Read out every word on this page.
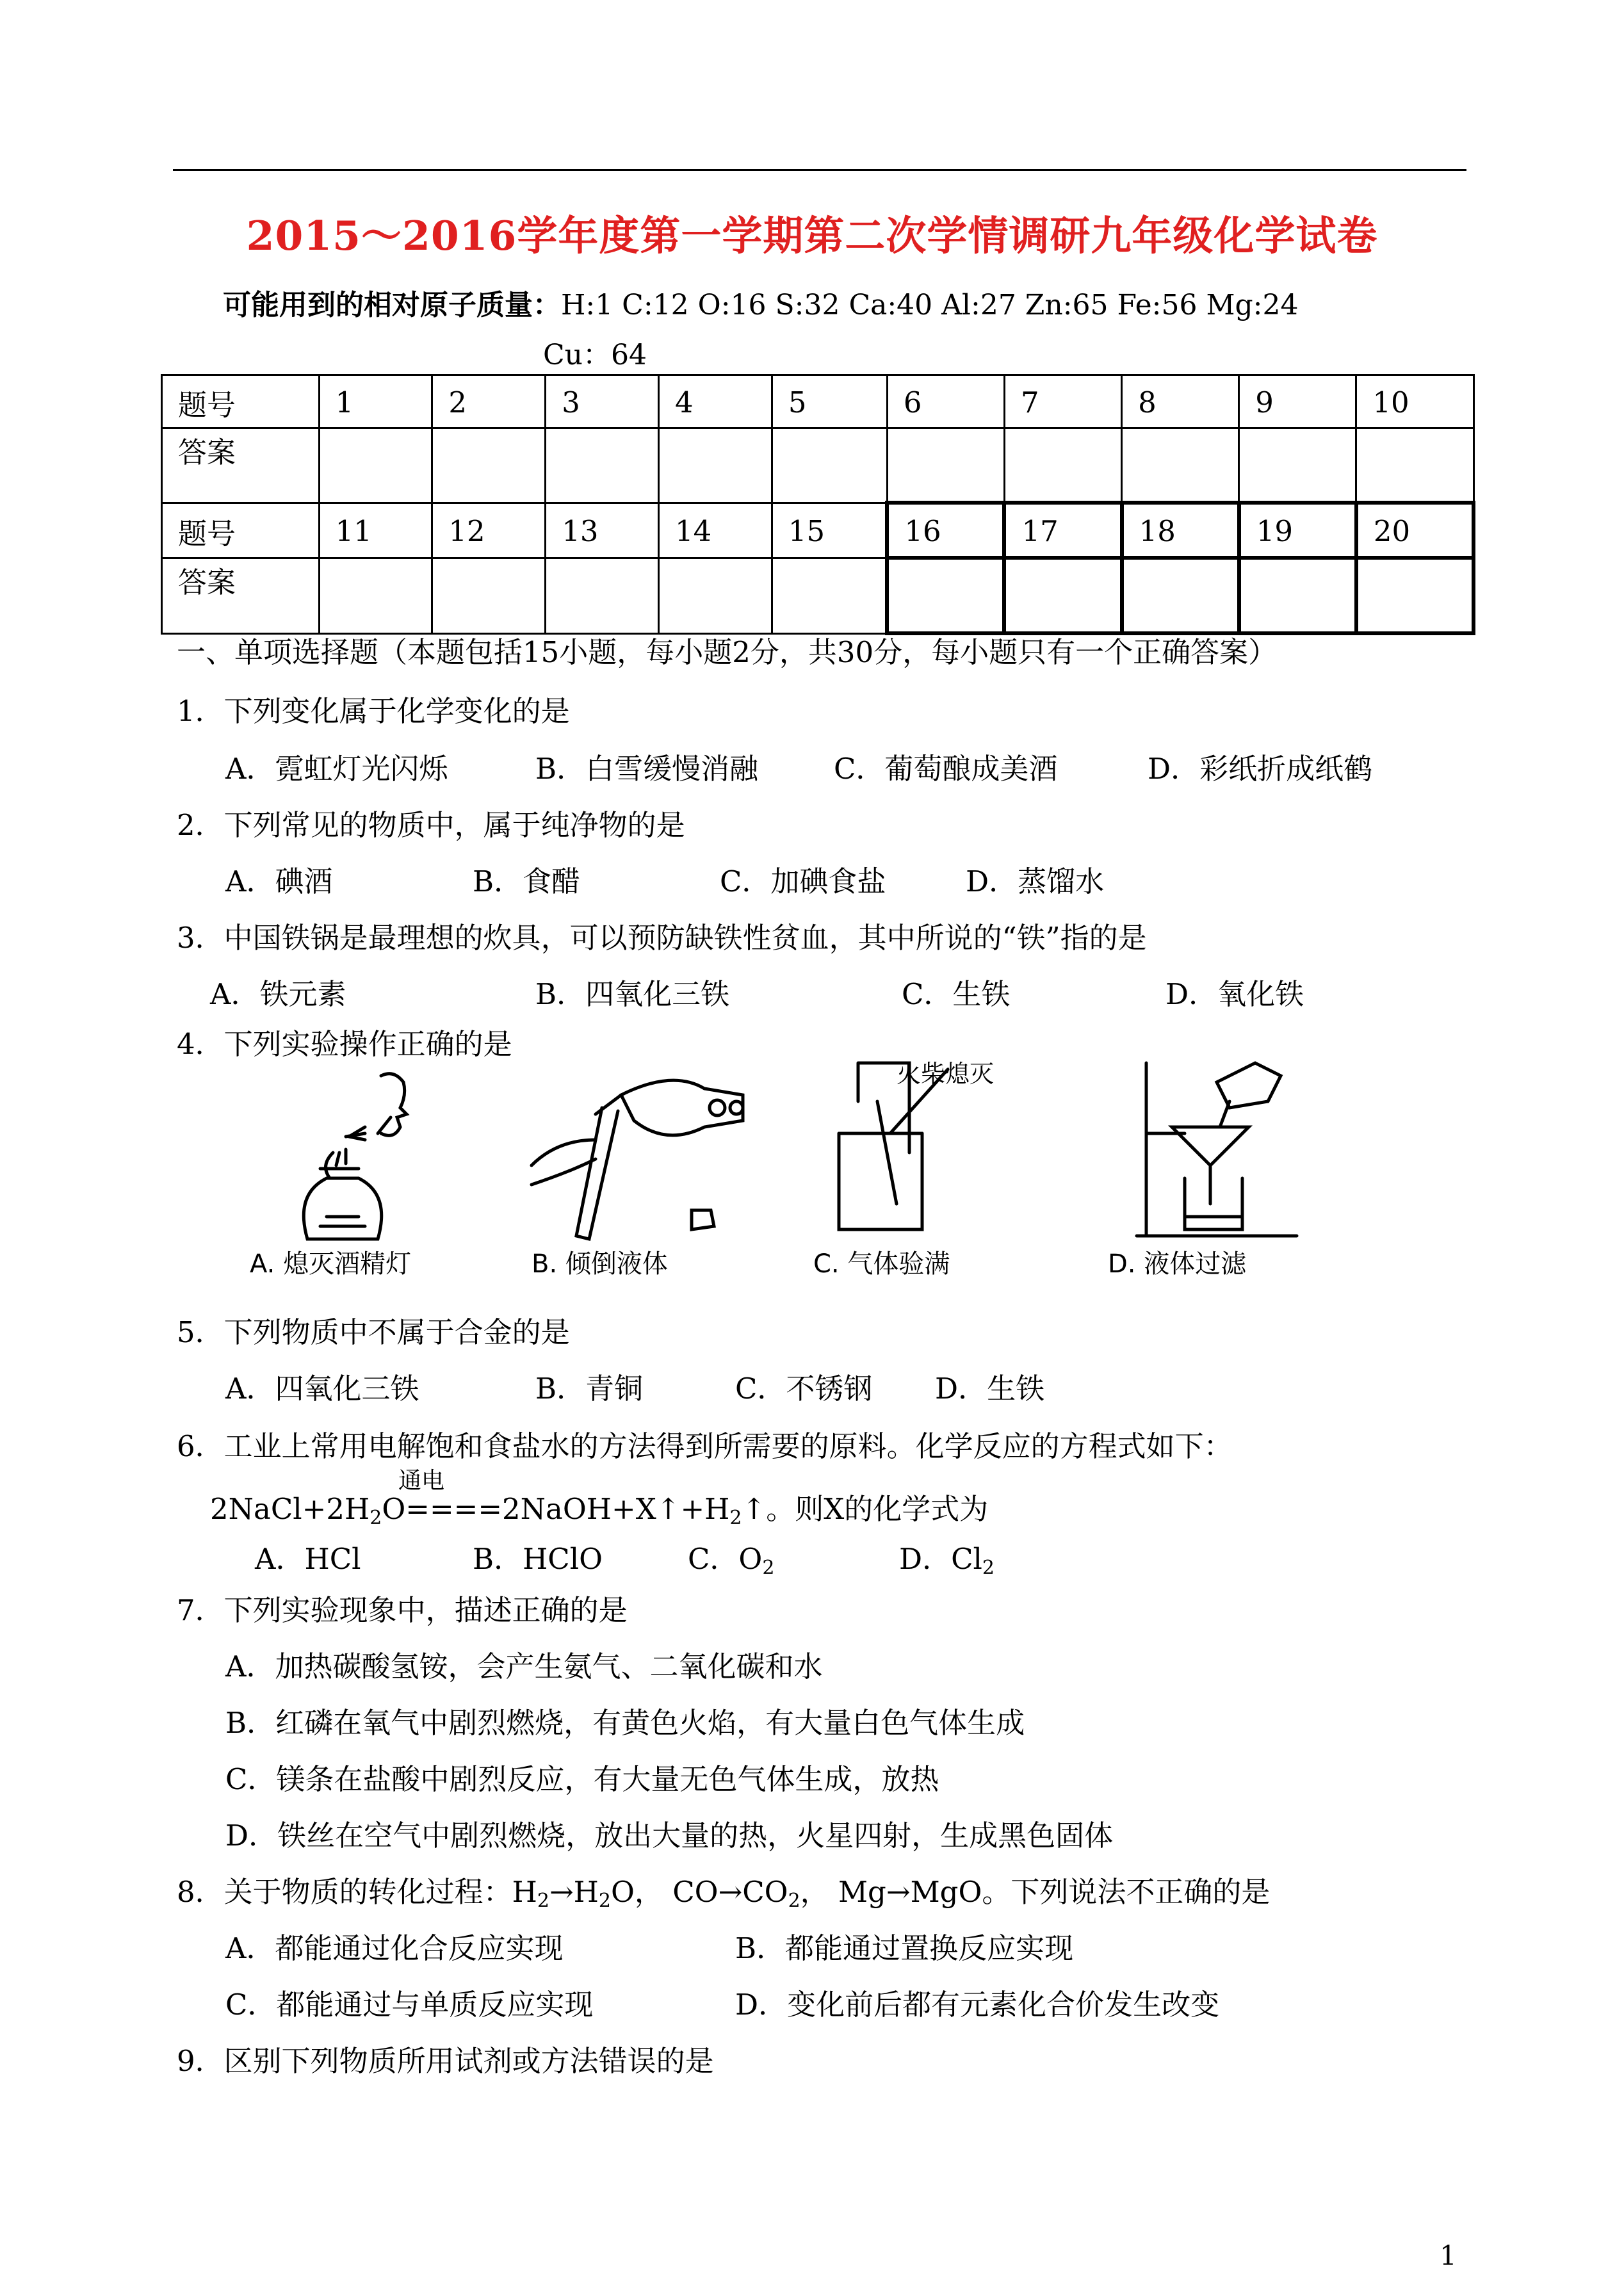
2015～2016学年度第一学期第二次学情调研九年级化学试卷
可能用到的相对原子质量：H:1 C:12 O:16 S:32 Ca:40 Al:27 Zn:65 Fe:56 Mg:24
Cu：64
题号	1	2	3	4	5	6	7	8	9	10
答案										
题号	11	12	13	14	15	16	17	18	19	20
答案										
一、单项选择题（本题包括15小题，每小题2分，共30分，每小题只有一个正确答案）
1．下列变化属于化学变化的是
A．霓虹灯光闪烁	B．白雪缓慢消融	C．葡萄酿成美酒	D．彩纸折成纸鹤
2．下列常见的物质中，属于纯净物的是
A．碘酒	B．食醋	C．加碘食盐	D．蒸馏水
3．中国铁锅是最理想的炊具，可以预防缺铁性贫血，其中所说的“铁”指的是
A．铁元素	B．四氧化三铁	C．生铁	D．氧化铁
4．下列实验操作正确的是
A. 熄灭酒精灯	B. 倾倒液体
火柴熄灭
C. 气体验满	D. 液体过滤
5．下列物质中不属于合金的是
A．四氧化三铁	B．青铜	C．不锈钢 D．生铁
6．工业上常用电解饱和食盐水的方法得到所需要的原料。化学反应的方程式如下：
通电
$2NaCl+2H_2O====2NaOH+X↑+H_2↑$。则X的化学式为
A．HCl	B．HClO	C．$O_2$	D．$Cl_2$
7．下列实验现象中，描述正确的是
A．加热碳酸氢铵，会产生氨气、二氧化碳和水
B．红磷在氧气中剧烈燃烧，有黄色火焰，有大量白色气体生成
C．镁条在盐酸中剧烈反应，有大量无色气体生成，放热
D．铁丝在空气中剧烈燃烧，放出大量的热，火星四射，生成黑色固体
8．关于物质的转化过程：$H_2\to H_2O$， $CO\to CO_2$， Mg→MgO。下列说法不正确的是
A．都能通过化合反应实现	B．都能通过置换反应实现
C．都能通过与单质反应实现	D．变化前后都有元素化合价发生改变
9．区别下列物质所用试剂或方法错误的是
1
